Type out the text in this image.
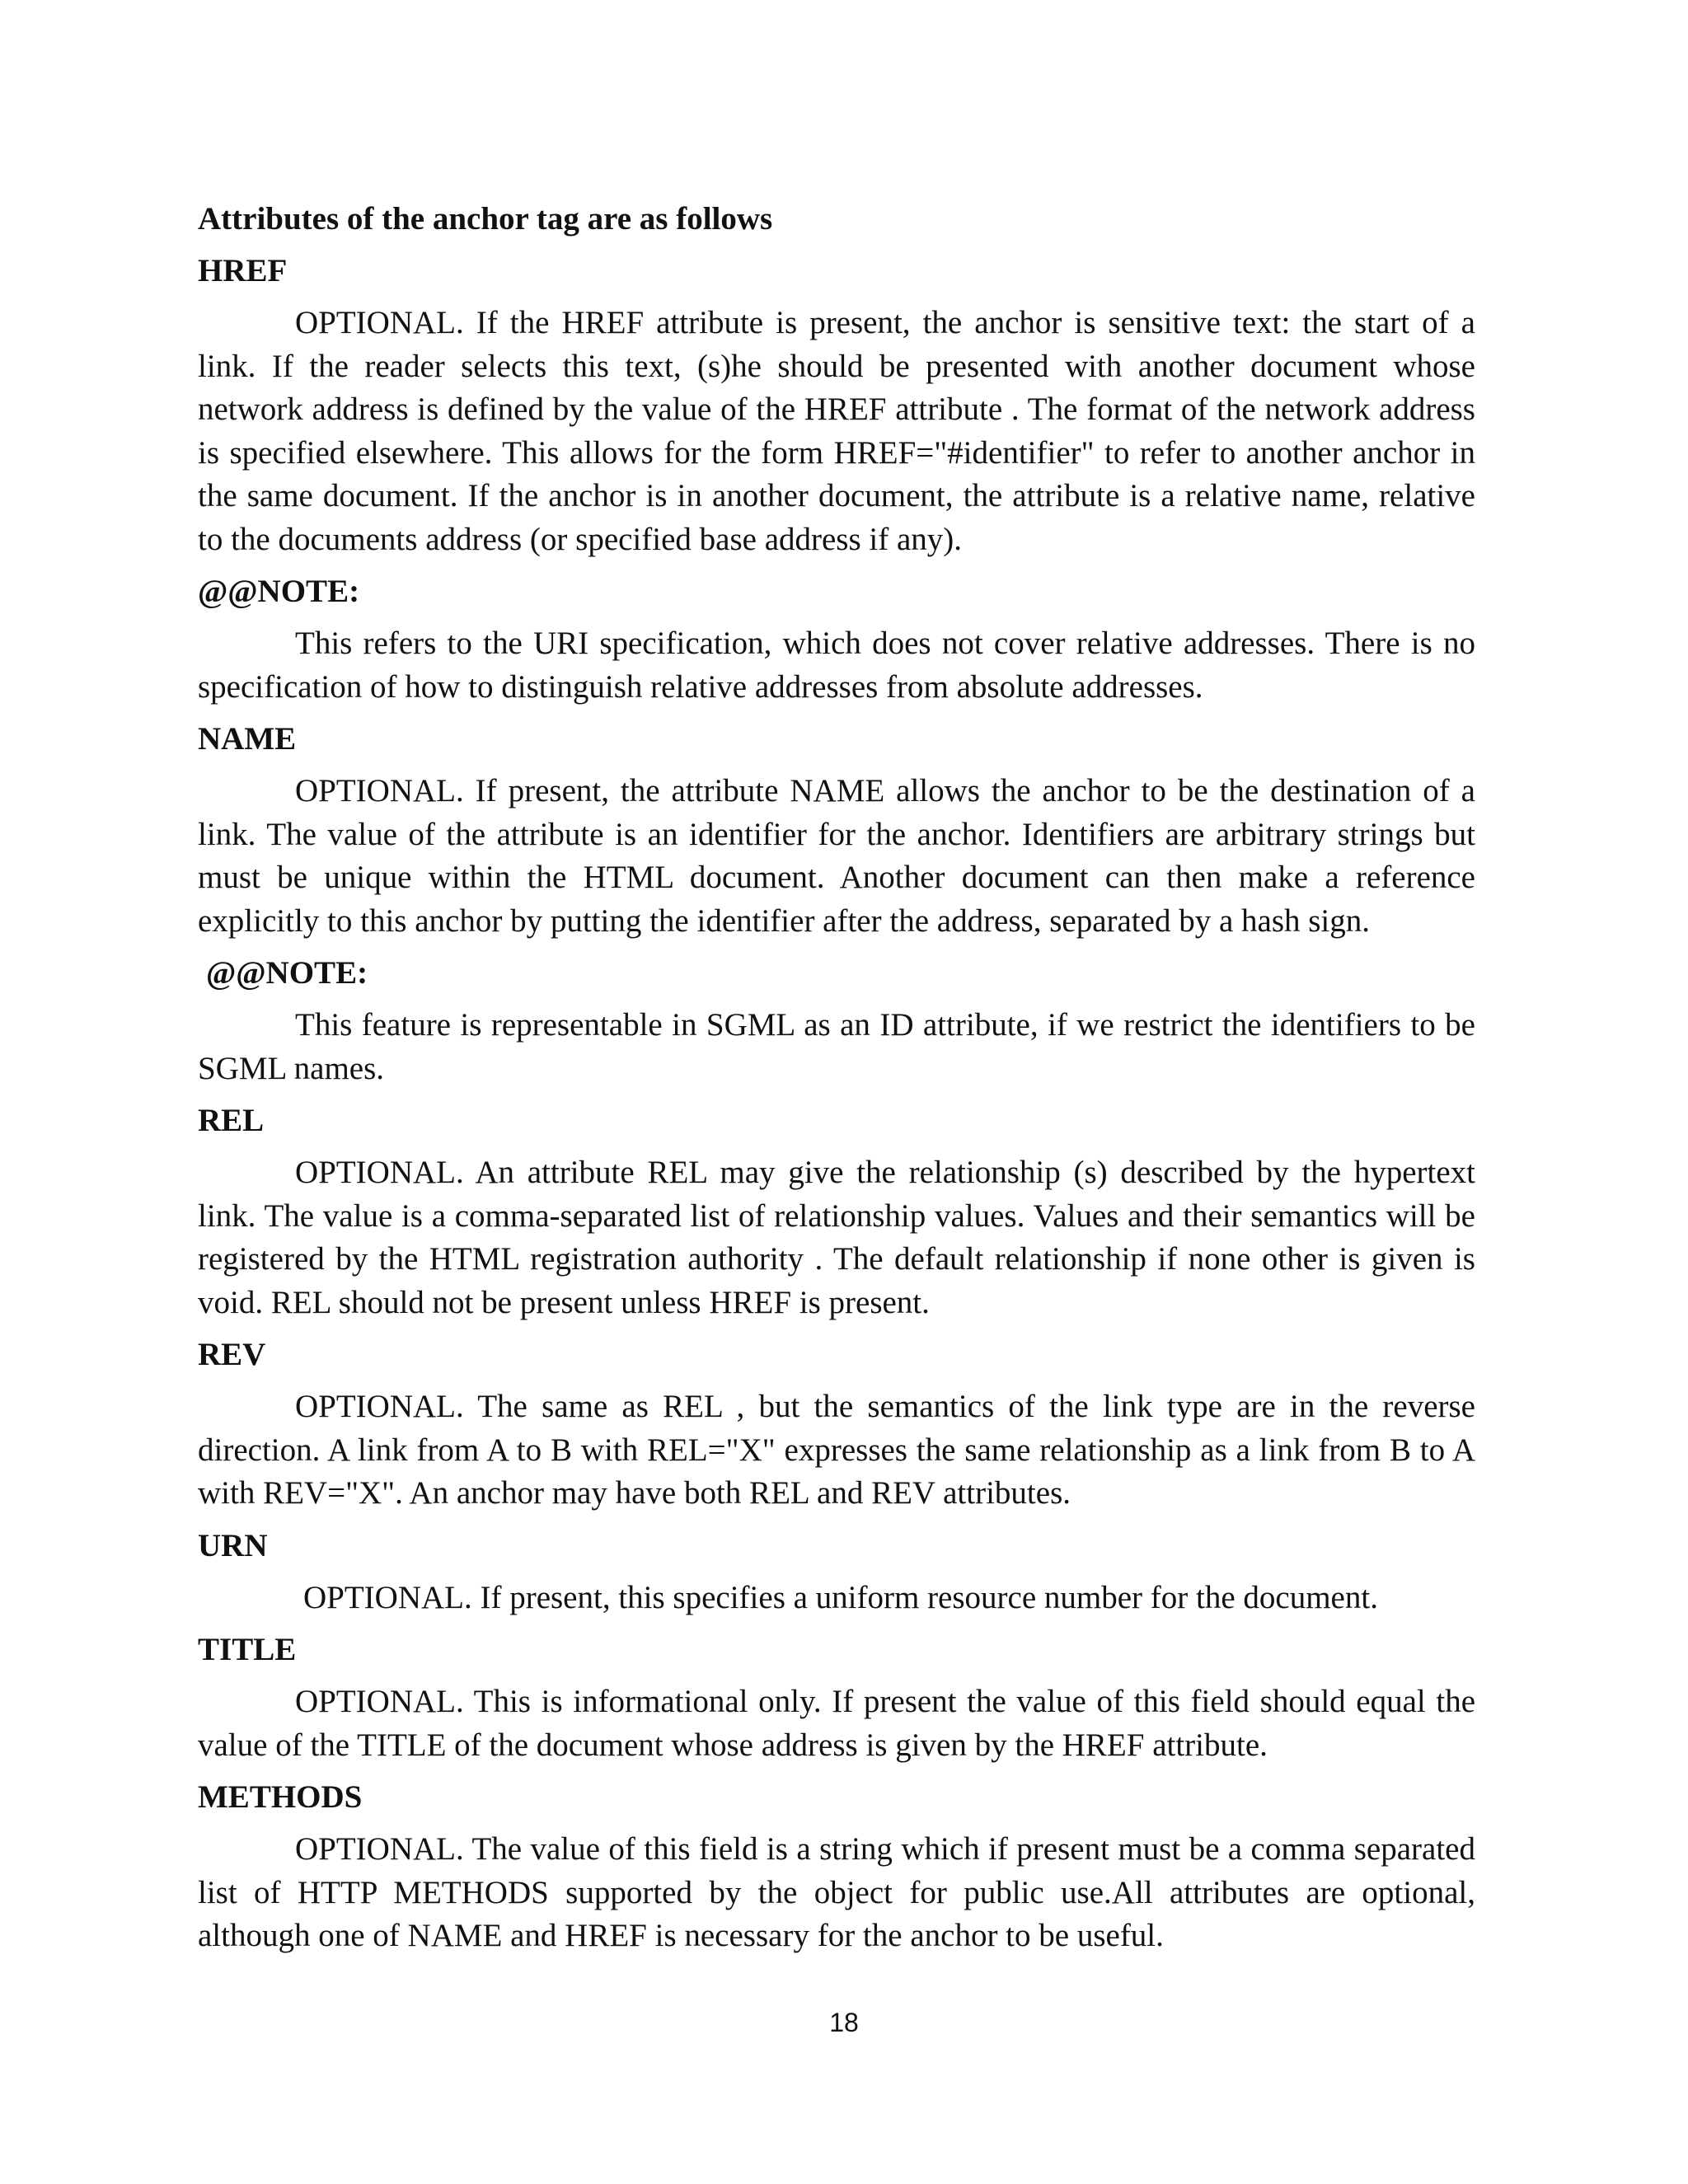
Attributes of the anchor tag are as follows
HREF
OPTIONAL. If the HREF attribute is present, the anchor is sensitive text: the start of a link. If the reader selects this text, (s)he should be presented with another document whose network address is defined by the value of the HREF attribute . The format of the network address is specified elsewhere. This allows for the form HREF="#identifier" to refer to another anchor in the same document. If the anchor is in another document, the attribute is a relative name, relative to the documents address (or specified base address if any).
@@NOTE:
This refers to the URI specification, which does not cover relative addresses. There is no specification of how to distinguish relative addresses from absolute addresses.
NAME
OPTIONAL. If present, the attribute NAME allows the anchor to be the destination of a link. The value of the attribute is an identifier for the anchor. Identifiers are arbitrary strings but must be unique within the HTML document. Another document can then make a reference explicitly to this anchor by putting the identifier after the address, separated by a hash sign.
@@NOTE:
This feature is representable in SGML as an ID attribute, if we restrict the identifiers to be SGML names.
REL
OPTIONAL. An attribute REL may give the relationship (s) described by the hypertext link. The value is a comma-separated list of relationship values. Values and their semantics will be registered by the HTML registration authority . The default relationship if none other is given is void. REL should not be present unless HREF is present.
REV
OPTIONAL. The same as REL , but the semantics of the link type are in the reverse direction. A link from A to B with REL="X" expresses the same relationship as a link from B to A with REV="X". An anchor may have both REL and REV attributes.
URN
OPTIONAL. If present, this specifies a uniform resource number for the document.
TITLE
OPTIONAL. This is informational only. If present the value of this field should equal the value of the TITLE of the document whose address is given by the HREF attribute.
METHODS
OPTIONAL. The value of this field is a string which if present must be a comma separated list of HTTP METHODS supported by the object for public use.All attributes are optional, although one of NAME and HREF is necessary for the anchor to be useful.
18
